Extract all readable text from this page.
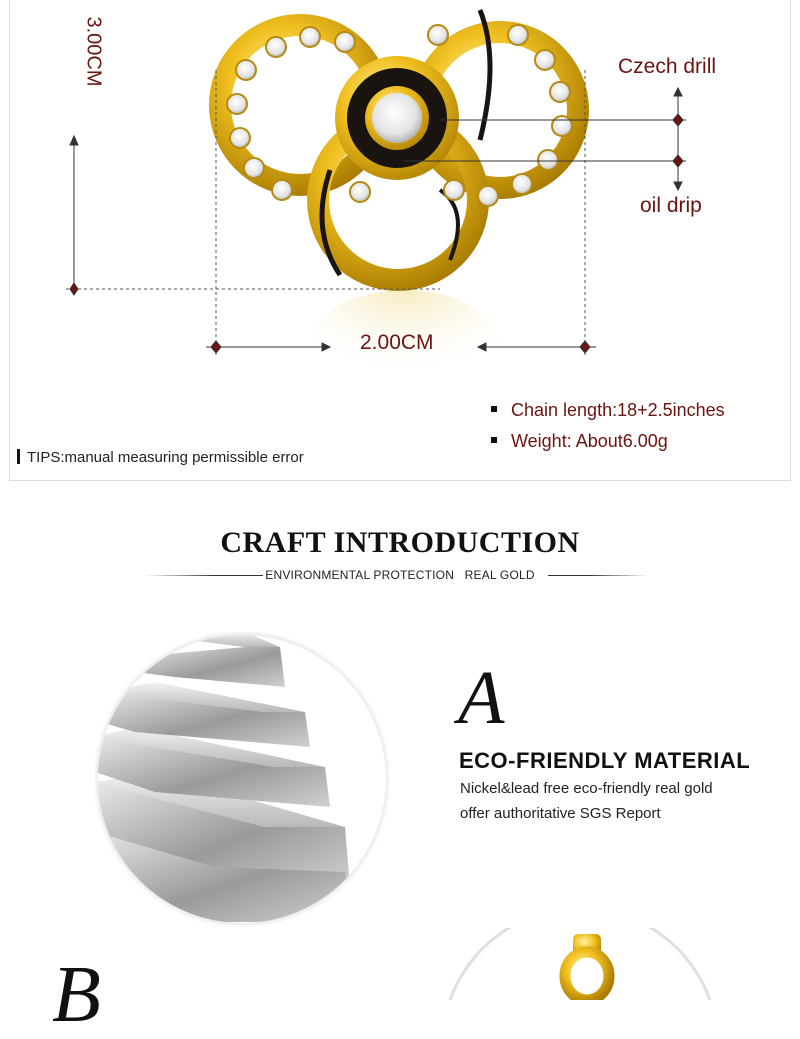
3.00CM
2.00CM
Czech drill
oil drip
Chain length:18+2.5inches
Weight: About6.00g
TIPS:manual measuring permissible error
CRAFT INTRODUCTION
ENVIRONMENTAL PROTECTION   REAL GOLD
A
ECO-FRIENDLY MATERIAL
Nickel&lead free eco-friendly real gold
offer authoritative SGS Report
B
